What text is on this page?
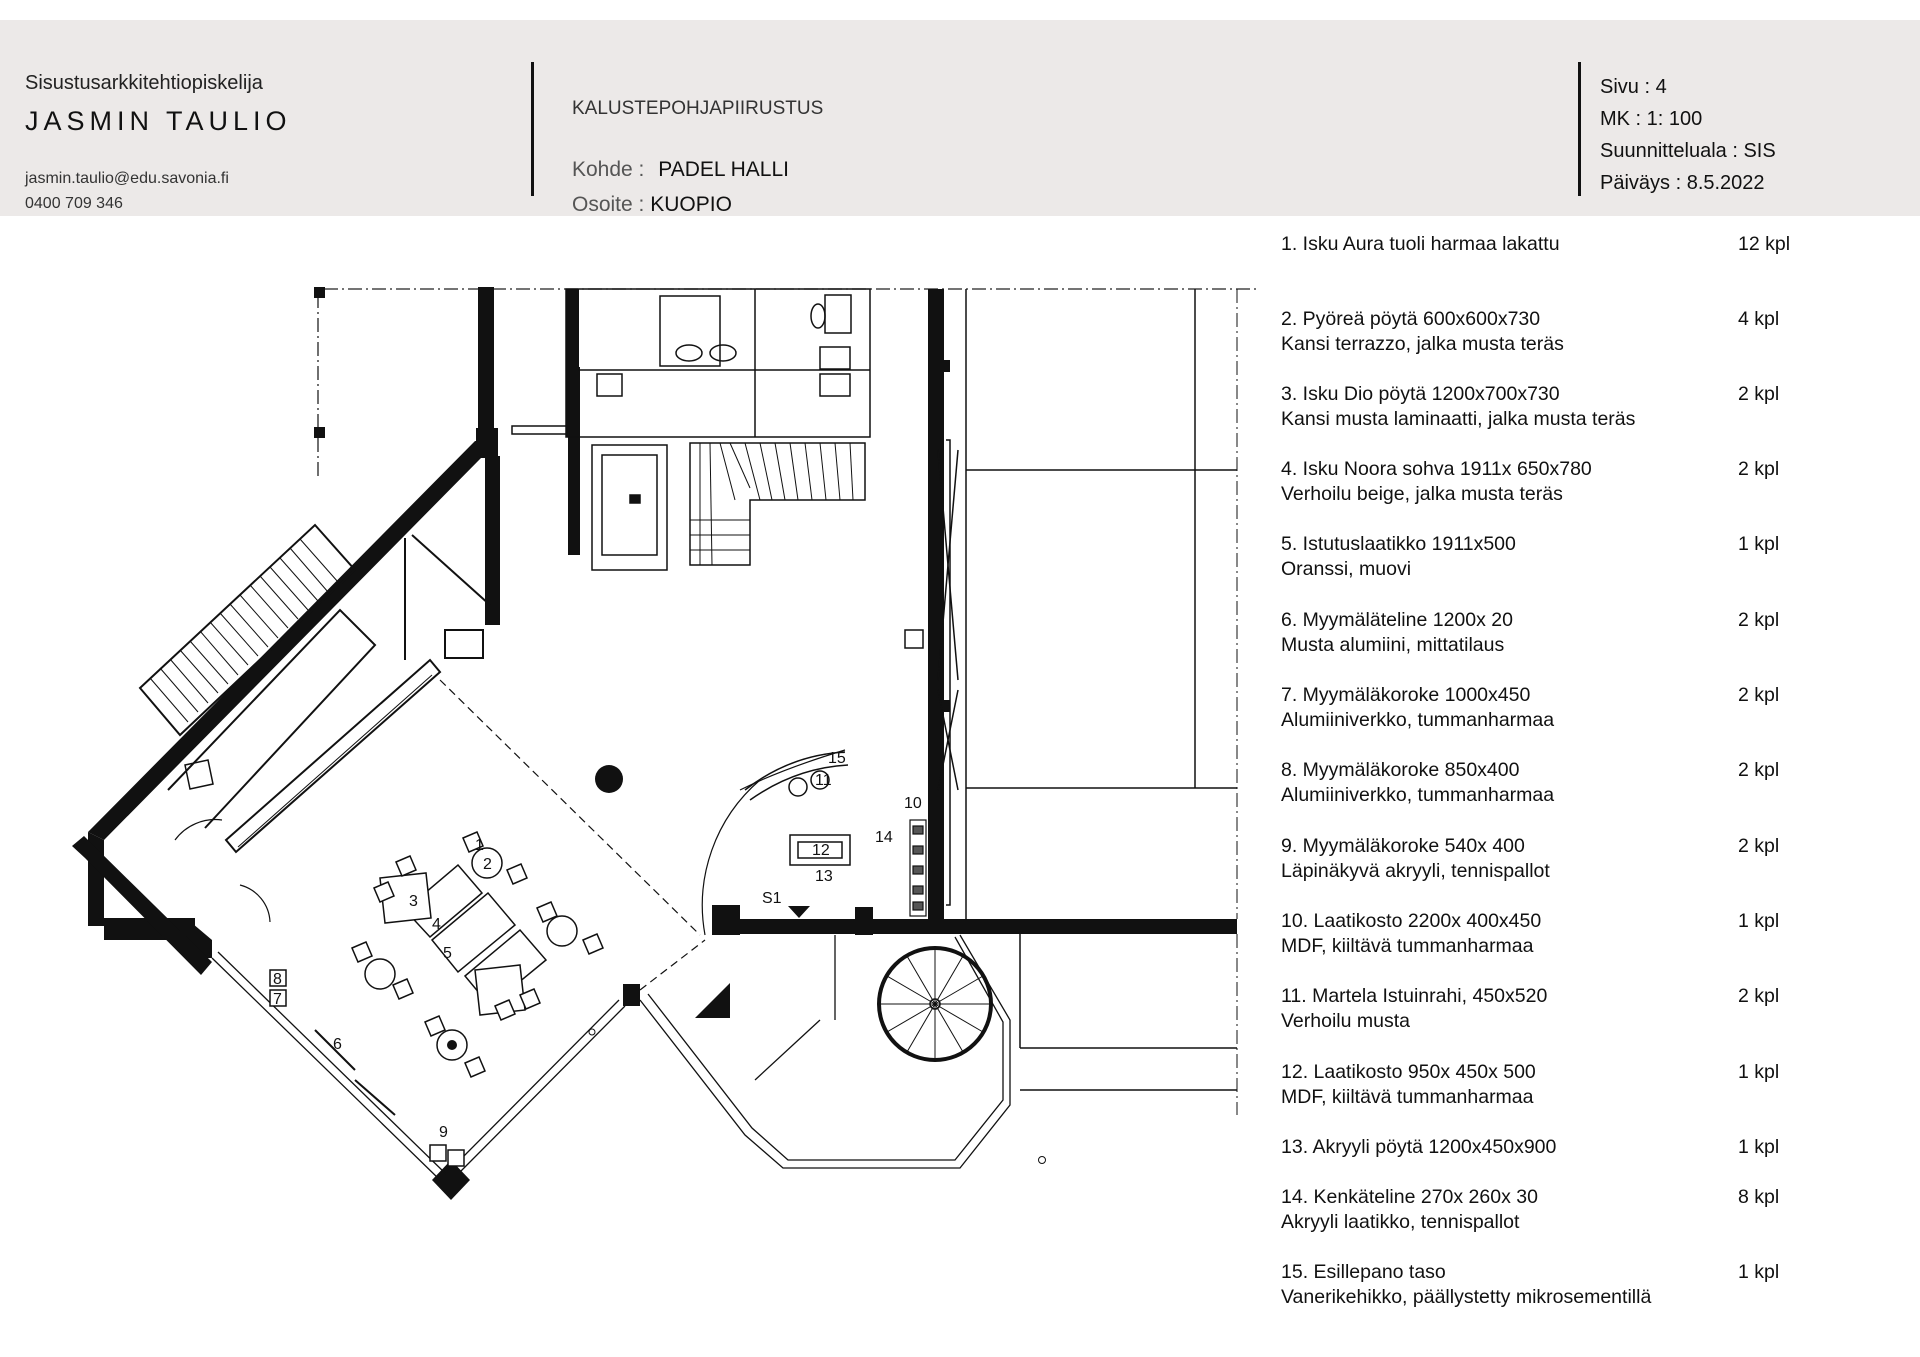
Sisustusarkkitehtiopiskelija
JASMIN TAULIO
jasmin.taulio@edu.savonia.fi
0400 709 346
KALUSTEPOHJAPIIRUSTUS
Kohde : PADEL HALLI
Osoite : KUOPIO
Sivu : 4
MK : 1: 100
Suunnitteluala : SIS
Päiväys : 8.5.2022
1. Isku Aura tuoli harmaa lakattu	12 kpl
2. Pyöreä pöytä 600x600x730
Kansi terrazzo, jalka musta teräs
4 kpl
3. Isku Dio pöytä 1200x700x730
Kansi musta laminaatti, jalka musta teräs
2 kpl
4. Isku Noora sohva 1911x 650x780
Verhoilu beige, jalka musta teräs
2 kpl
5. Istutuslaatikko 1911x500
Oranssi, muovi
1 kpl
6. Myymäläteline 1200x 20
Musta alumiini, mittatilaus
2 kpl
7. Myymäläkoroke 1000x450
Alumiiniverkko, tummanharmaa
2 kpl
8. Myymäläkoroke 850x400
Alumiiniverkko, tummanharmaa
2 kpl
9. Myymäläkoroke 540x 400
Läpinäkyvä akryyli, tennispallot
2 kpl
10. Laatikosto 2200x 400x450
MDF, kiiltävä tummanharmaa
1 kpl
11. Martela Istuinrahi, 450x520
Verhoilu musta
2 kpl
12. Laatikosto 950x 450x 500
MDF, kiiltävä tummanharmaa
1 kpl
13. Akryyli pöytä 1200x450x900	1 kpl
14. Kenkäteline 270x 260x 30
Akryyli laatikko, tennispallot
8 kpl
15. Esillepano taso
Vanerikehikko, päällystetty mikrosementillä
1 kpl
1
2
3
4
5
6
7
8
9
10
11
12
13
14
15
S1
